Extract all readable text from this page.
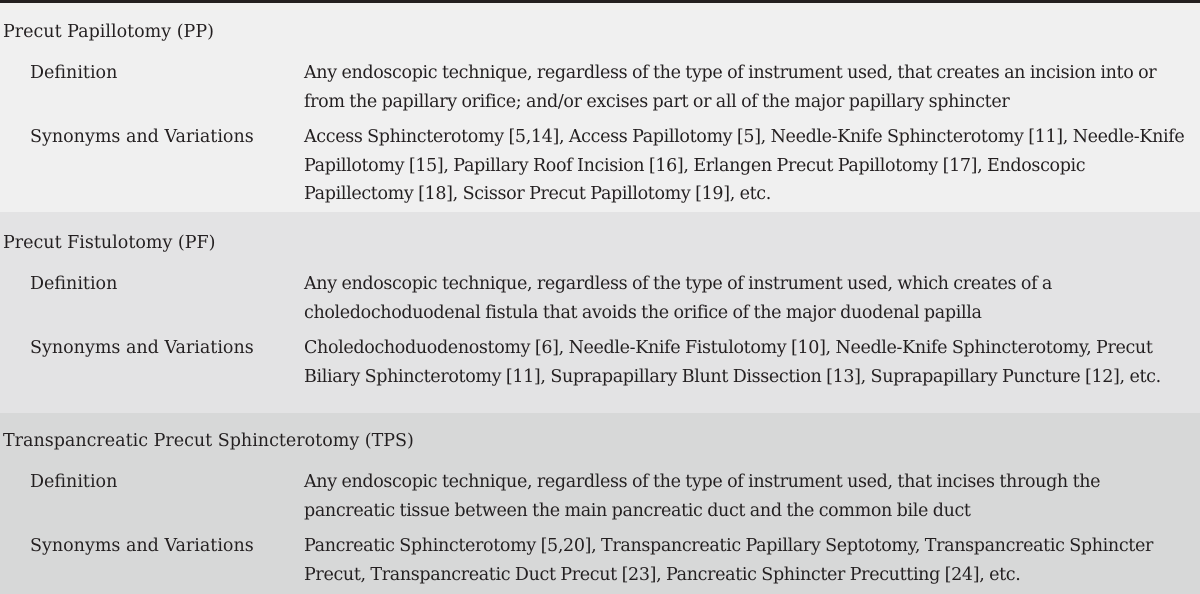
Precut Papillotomy (PP)
Definition	Any endoscopic technique, regardless of the type of instrument used, that creates an incision into or from the papillary orifice; and/or excises part or all of the major papillary sphincter
Synonyms and Variations	Access Sphincterotomy [5,14], Access Papillotomy [5], Needle-Knife Sphincterotomy [11], Needle-Knife Papillotomy [15], Papillary Roof Incision [16], Erlangen Precut Papillotomy [17], Endoscopic Papillectomy [18], Scissor Precut Papillotomy [19], etc.
Precut Fistulotomy (PF)
Definition	Any endoscopic technique, regardless of the type of instrument used, which creates of a choledochoduodenal fistula that avoids the orifice of the major duodenal papilla
Synonyms and Variations	Choledochoduodenostomy [6], Needle-Knife Fistulotomy [10], Needle-Knife Sphincterotomy, Precut Biliary Sphincterotomy [11], Suprapapillary Blunt Dissection [13], Suprapapillary Puncture [12], etc.
Transpancreatic Precut Sphincterotomy (TPS)
Definition	Any endoscopic technique, regardless of the type of instrument used, that incises through the pancreatic tissue between the main pancreatic duct and the common bile duct
Synonyms and Variations	Pancreatic Sphincterotomy [5,20], Transpancreatic Papillary Septotomy, Transpancreatic Sphincter Precut, Transpancreatic Duct Precut [23], Pancreatic Sphincter Precutting [24], etc.
